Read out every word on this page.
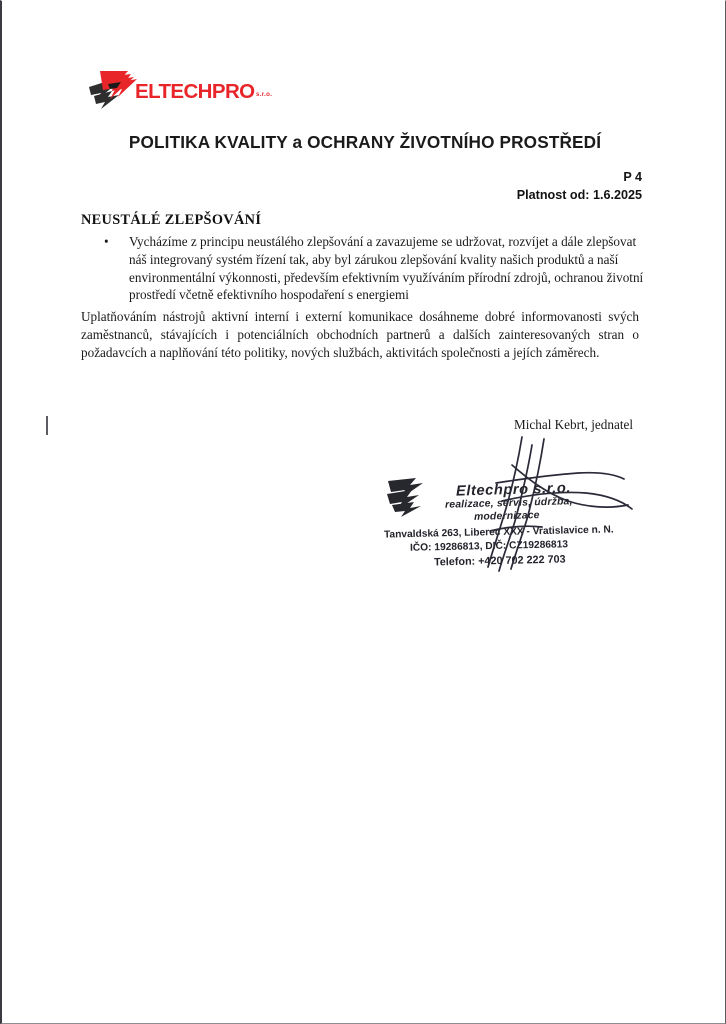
ELTECHPRO s.r.o.
POLITIKA KVALITY a OCHRANY ŽIVOTNÍHO PROSTŘEDÍ
P 4
Platnost od: 1.6.2025
NEUSTÁLÉ ZLEPŠOVÁNÍ
• Vycházíme z principu neustálého zlepšování a zavazujeme se udržovat, rozvíjet a dále zlepšovat náš integrovaný systém řízení tak, aby byl zárukou zlepšování kvality našich produktů a naší environmentální výkonnosti, především efektivním využíváním přírodní zdrojů, ochranou životní prostředí včetně efektivního hospodaření s energiemi
Uplatňováním nástrojů aktivní interní i externí komunikace dosáhneme dobré informovanosti svých zaměstnanců, stávajících i potenciálních obchodních partnerů a dalších zainteresovaných stran o požadavcích a naplňování této politiky, nových službách, aktivitách společnosti a jejích záměrech.
Michal Kebrt, jednatel
Eltechpro s.r.o.
realizace, servis, údržba,
modernizace
Tanvaldská 263, Liberec XXX - Vratislavice n. N.
IČO: 19286813, DIČ: CZ19286813
Telefon: +420 702 222 703
